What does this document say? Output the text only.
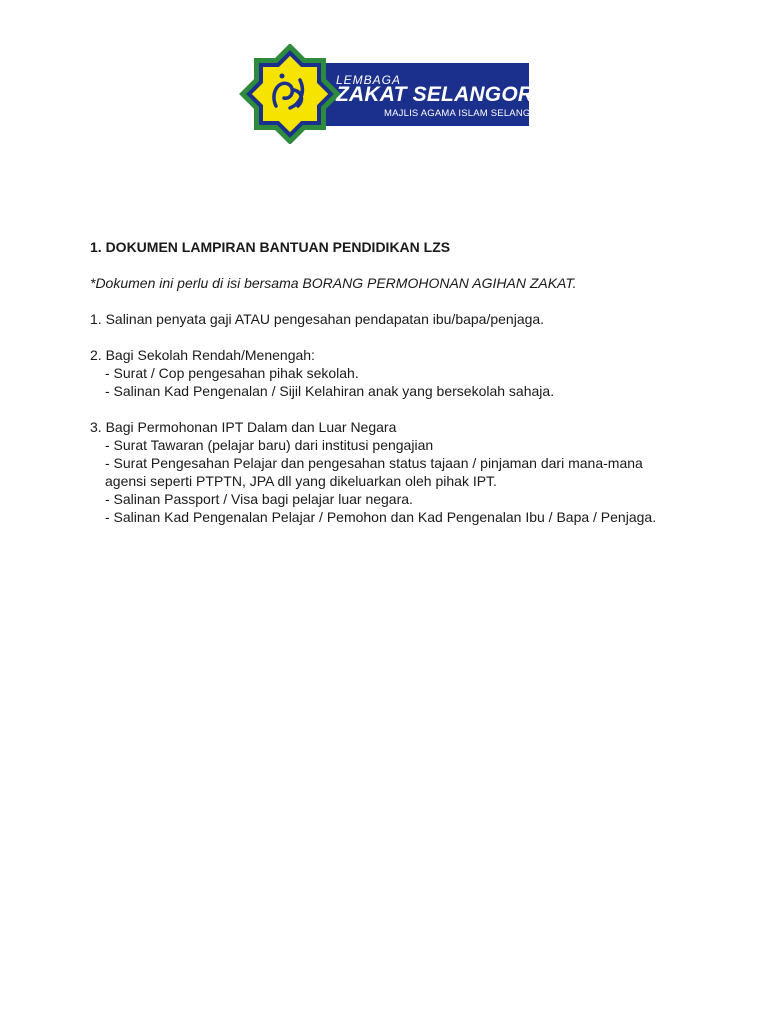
LEMBAGA
ZAKAT SELANGOR
MAJLIS AGAMA ISLAM SELANGOR

1. DOKUMEN LAMPIRAN BANTUAN PENDIDIKAN LZS

*Dokumen ini perlu di isi bersama BORANG PERMOHONAN AGIHAN ZAKAT.

1. Salinan penyata gaji ATAU pengesahan pendapatan ibu/bapa/penjaga.

2. Bagi Sekolah Rendah/Menengah:

- Surat / Cop pengesahan pihak sekolah.

- Salinan Kad Pengenalan / Sijil Kelahiran anak yang bersekolah sahaja.

3. Bagi Permohonan IPT Dalam dan Luar Negara

- Surat Tawaran (pelajar baru) dari institusi pengajian

- Surat Pengesahan Pelajar dan pengesahan status tajaan / pinjaman dari mana-mana agensi seperti PTPTN, JPA dll yang dikeluarkan oleh pihak IPT.

- Salinan Passport / Visa bagi pelajar luar negara.

- Salinan Kad Pengenalan Pelajar / Pemohon dan Kad Pengenalan Ibu / Bapa / Penjaga.
